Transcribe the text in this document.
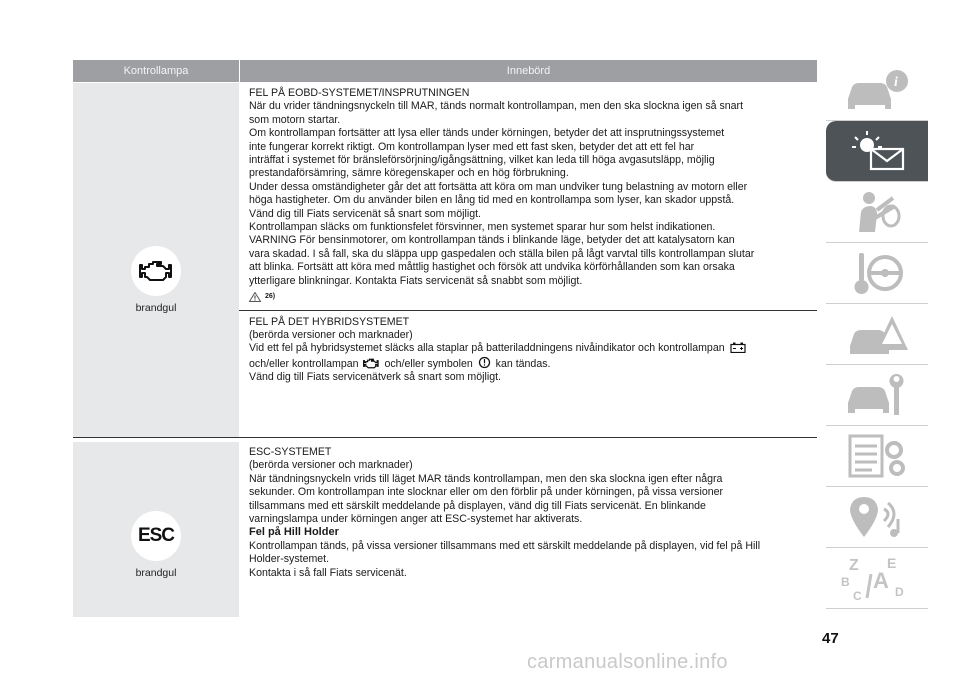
Kontrollampa	Innebörd
brandgul

FEL PÅ EOBD-SYSTEMET/INSPRUTNINGEN

När du vrider tändningsnyckeln till MAR, tänds normalt kontrollampan, men den ska slockna igen så snart

som motorn startar.

Om kontrollampan fortsätter att lysa eller tänds under körningen, betyder det att insprutningssystemet

inte fungerar korrekt riktigt. Om kontrollampan lyser med ett fast sken, betyder det att ett fel har

inträffat i systemet för bränsleförsörjning/igångsättning, vilket kan leda till höga avgasutsläpp, möjlig

prestandaförsämring, sämre köregenskaper och en hög förbrukning.

Under dessa omständigheter går det att fortsätta att köra om man undviker tung belastning av motorn eller

höga hastigheter. Om du använder bilen en lång tid med en kontrollampa som lyser, kan skador uppstå.

Vänd dig till Fiats servicenät så snart som möjligt.

Kontrollampan släcks om funktionsfelet försvinner, men systemet sparar hur som helst indikationen.

VARNING För bensinmotorer, om kontrollampan tänds i blinkande läge, betyder det att katalysatorn kan

vara skadad. I så fall, ska du släppa upp gaspedalen och ställa bilen på lågt varvtal tills kontrollampan slutar

att blinka. Fortsätt att köra med måttlig hastighet och försök att undvika körförhållanden som kan orsaka

ytterligare blinkningar. Kontakta Fiats servicenät så snabbt som möjligt.

26)

FEL PÅ DET HYBRIDSYSTEMET

(berörda versioner och marknader)

Vid ett fel på hybridsystemet släcks alla staplar på batteriladdningens nivåindikator och kontrollampan

och/eller kontrollampan och/eller symbolen kan tändas.

Vänd dig till Fiats servicenätverk så snart som möjligt.

ESC
brandgul

ESC-SYSTEMET

(berörda versioner och marknader)

När tändningsnyckeln vrids till läget MAR tänds kontrollampan, men den ska slockna igen efter några

sekunder. Om kontrollampan inte slocknar eller om den förblir på under körningen, på vissa versioner

tillsammans med ett särskilt meddelande på displayen, vänd dig till Fiats servicenät. En blinkande

varningslampa under körningen anger att ESC-systemet har aktiverats.

Fel på Hill Holder

Kontrollampan tänds, på vissa versioner tillsammans med ett särskilt meddelande på displayen, vid fel på Hill

Holder-systemet.

Kontakta i så fall Fiats servicenät.

i
Z E
B A
C	D
47
carmanualsonline.info
